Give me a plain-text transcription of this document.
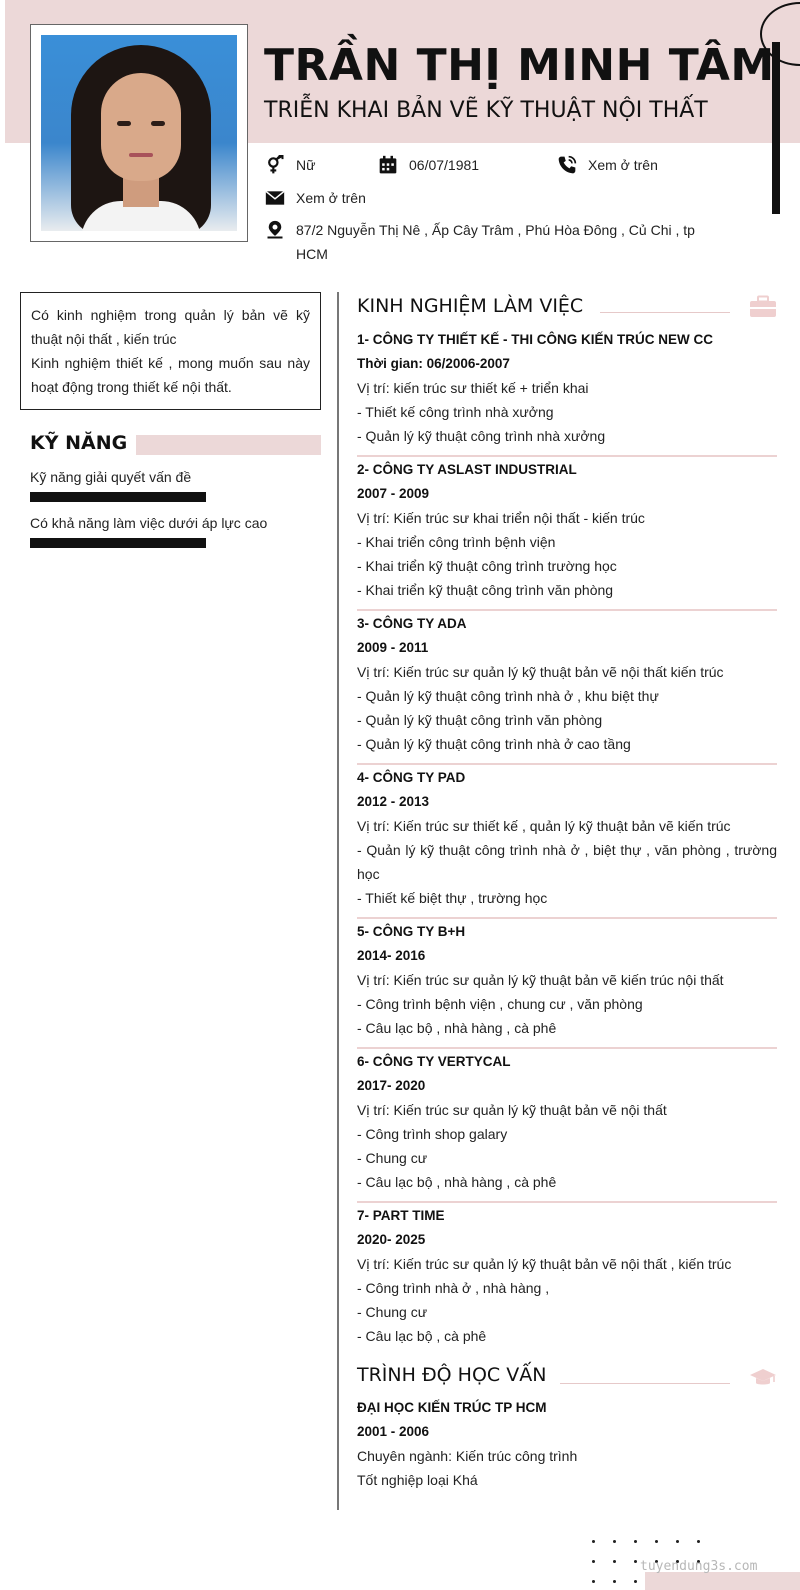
TRẦN THỊ MINH TÂM
TRIỄN KHAI BẢN VẼ KỸ THUẬT NỘI THẤT
Nữ	06/07/1981	Xem ở trên
Xem ở trên
87/2 Nguyễn Thị Nê , Ấp Cây Trâm , Phú Hòa Đông , Củ Chi , tp HCM

Có kinh nghiệm trong quản lý bản vẽ kỹ thuật nội thất , kiến trúc

Kinh nghiệm thiết kế , mong muốn sau này hoạt động trong thiết kế nội thất.

KỸ NĂNG
Kỹ năng giải quyết vấn đề
Có khả năng làm việc dưới áp lực cao
KINH NGHIỆM LÀM VIỆC
1- CÔNG TY THIẾT KẾ - THI CÔNG KIẾN TRÚC NEW CC
Thời gian: 06/2006-2007
Vị trí: kiến trúc sư thiết kế + triển khai
- Thiết kế công trình nhà xưởng
- Quản lý kỹ thuật công trình nhà xưởng
2- CÔNG TY ASLAST INDUSTRIAL
2007 - 2009
Vị trí: Kiến trúc sư khai triển nội thất - kiến trúc
- Khai triển công trình bệnh viện
- Khai triển kỹ thuật công trình trường học
- Khai triển kỹ thuật công trình văn phòng
3- CÔNG TY ADA
2009 - 2011
Vị trí: Kiến trúc sư quản lý kỹ thuật bản vẽ nội thất kiến trúc
- Quản lý kỹ thuật công trình nhà ở , khu biệt thự
- Quản lý kỹ thuật công trình văn phòng
- Quản lý kỹ thuật công trình nhà ở cao tầng
4- CÔNG TY PAD
2012 - 2013
Vị trí: Kiến trúc sư thiết kế , quản lý kỹ thuật bản vẽ kiến trúc
- Quản lý kỹ thuật công trình nhà ở , biệt thự , văn phòng , trường học
- Thiết kế biệt thự , trường học
5- CÔNG TY B+H
2014- 2016
Vị trí: Kiến trúc sư quản lý kỹ thuật bản vẽ kiến trúc nội thất
- Công trình bệnh viện , chung cư , văn phòng
- Câu lạc bộ , nhà hàng , cà phê
6- CÔNG TY VERTYCAL
2017- 2020
Vị trí: Kiến trúc sư quản lý kỹ thuật bản vẽ nội thất
- Công trình shop galary
- Chung cư
- Câu lạc bộ , nhà hàng , cà phê
7- PART TIME
2020- 2025
Vị trí: Kiến trúc sư quản lý kỹ thuật bản vẽ nội thất , kiến trúc
- Công trình nhà ở , nhà hàng ,
- Chung cư
- Câu lạc bộ , cà phê
TRÌNH ĐỘ HỌC VẤN
ĐẠI HỌC KIẾN TRÚC TP HCM
2001 - 2006
Chuyên ngành: Kiến trúc công trình
Tốt nghiệp loại Khá
tuyendung3s.com
